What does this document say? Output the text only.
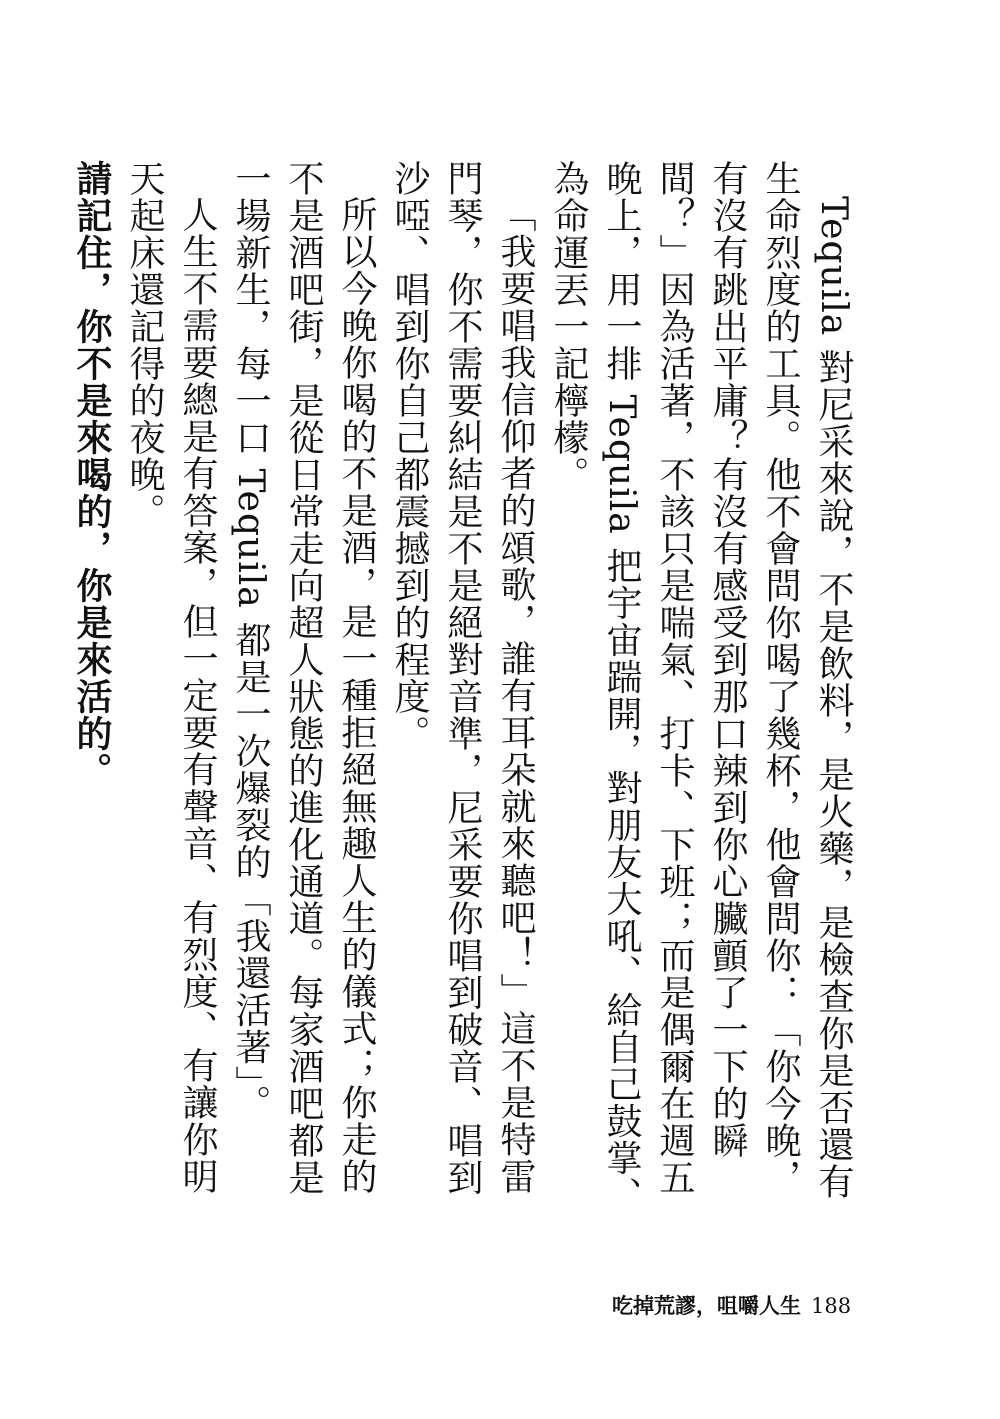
Tequila 對尼采來說，不是飲料，是火藥，是檢查你是否還有生命烈度的工具。他不會問你喝了幾杯，他會問你：「你今晚，有沒有跳出平庸？有沒有感受到那口辣到你心臟顫了一下的瞬間？」因為活著，不該只是喘氣、打卡、下班；而是偶爾在週五晚上，用一排 Tequila 把宇宙踹開，對朋友大吼、給自己鼓掌、為命運丟一記檸檬。

「我要唱我信仰者的頌歌，誰有耳朵就來聽吧！」這不是特雷門琴，你不需要糾結是不是絕對音準，尼采要你唱到破音、唱到沙啞、唱到你自己都震撼到的程度。

所以今晚你喝的不是酒，是一種拒絕無趣人生的儀式；你走的不是酒吧街，是從日常走向超人狀態的進化通道。每家酒吧都是一場新生，每一口 Tequila 都是一次爆裂的「我還活著」。

人生不需要總是有答案，但一定要有聲音、有烈度、有讓你明天起床還記得的夜晚。

請記住，你不是來喝的，你是來活的。

吃掉荒謬，咀嚼人生 188
